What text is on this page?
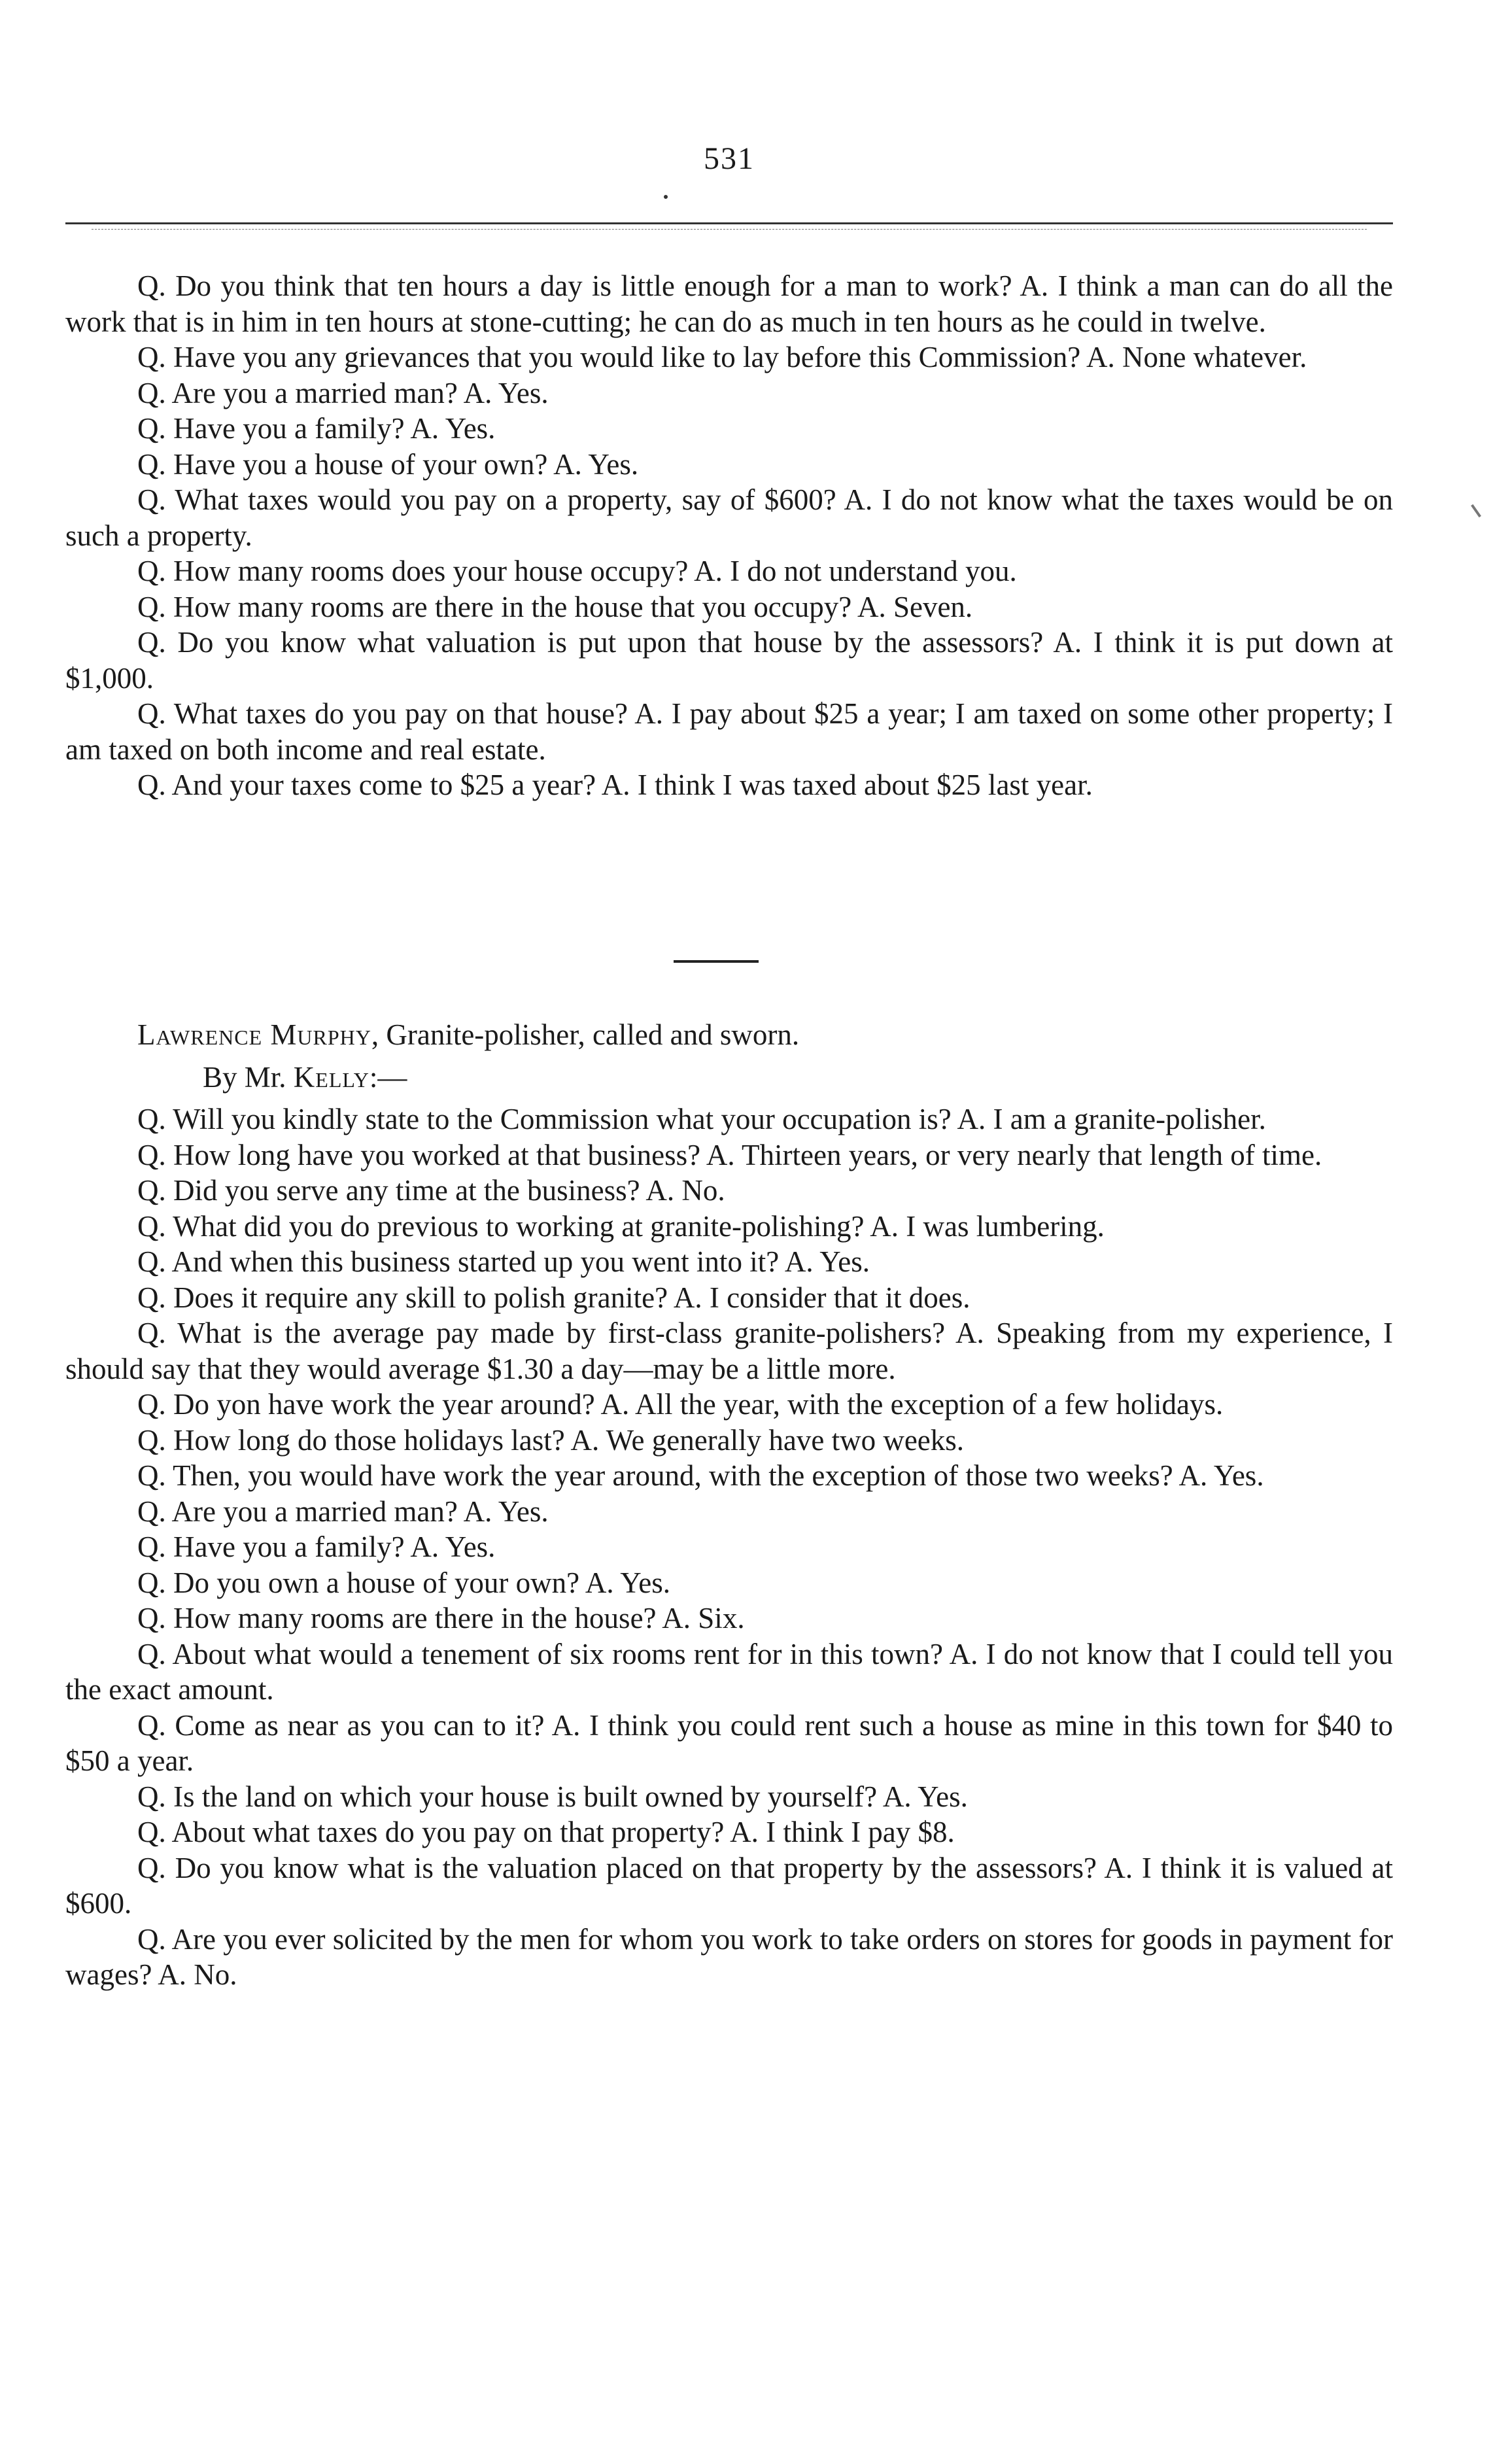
531

Q. Do you think that ten hours a day is little enough for a man to work? A. I think a man can do all the work that is in him in ten hours at stone-cutting; he can do as much in ten hours as he could in twelve.

Q. Have you any grievances that you would like to lay before this Commission? A. None whatever.

Q. Are you a married man? A. Yes.

Q. Have you a family? A. Yes.

Q. Have you a house of your own? A. Yes.

Q. What taxes would you pay on a property, say of $600? A. I do not know what the taxes would be on such a property.

Q. How many rooms does your house occupy? A. I do not understand you.

Q. How many rooms are there in the house that you occupy? A. Seven.

Q. Do you know what valuation is put upon that house by the assessors? A. I think it is put down at $1,000.

Q. What taxes do you pay on that house? A. I pay about $25 a year; I am taxed on some other property; I am taxed on both income and real estate.

Q. And your taxes come to $25 a year? A. I think I was taxed about $25 last year.

Lawrence Murphy, Granite-polisher, called and sworn.

By Mr. Kelly:—

Q. Will you kindly state to the Commission what your occupation is? A. I am a granite-polisher.

Q. How long have you worked at that business? A. Thirteen years, or very nearly that length of time.

Q. Did you serve any time at the business? A. No.

Q. What did you do previous to working at granite-polishing? A. I was lumbering.

Q. And when this business started up you went into it? A. Yes.

Q. Does it require any skill to polish granite? A. I consider that it does.

Q. What is the average pay made by first-class granite-polishers? A. Speaking from my experience, I should say that they would average $1.30 a day—may be a little more.

Q. Do yon have work the year around? A. All the year, with the exception of a few holidays.

Q. How long do those holidays last? A. We generally have two weeks.

Q. Then, you would have work the year around, with the exception of those two weeks? A. Yes.

Q. Are you a married man? A. Yes.

Q. Have you a family? A. Yes.

Q. Do you own a house of your own? A. Yes.

Q. How many rooms are there in the house? A. Six.

Q. About what would a tenement of six rooms rent for in this town? A. I do not know that I could tell you the exact amount.

Q. Come as near as you can to it? A. I think you could rent such a house as mine in this town for $40 to $50 a year.

Q. Is the land on which your house is built owned by yourself? A. Yes.

Q. About what taxes do you pay on that property? A. I think I pay $8.

Q. Do you know what is the valuation placed on that property by the assessors? A. I think it is valued at $600.

Q. Are you ever solicited by the men for whom you work to take orders on stores for goods in payment for wages? A. No.
